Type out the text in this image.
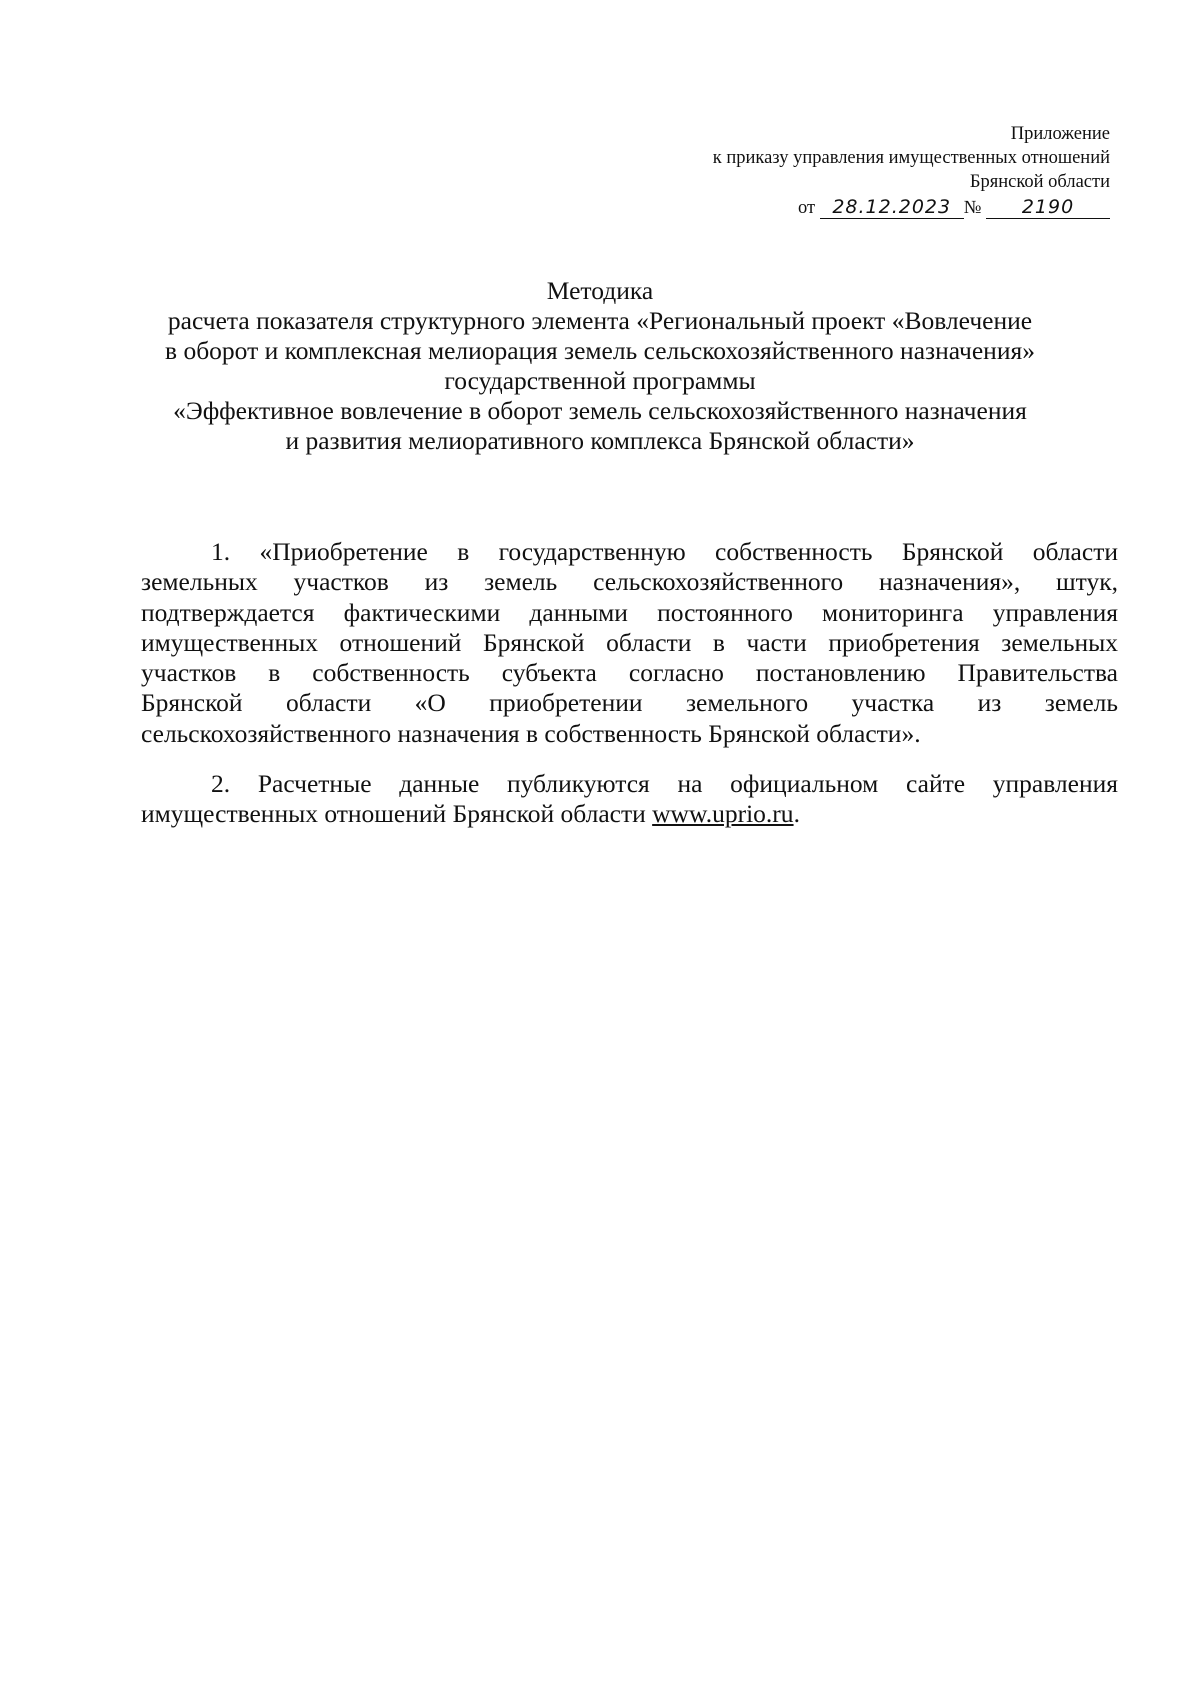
Приложение
к приказу управления имущественных отношений
Брянской области
от 28.12.2023 № 2190
Методика
расчета показателя структурного элемента «Региональный проект «Вовлечение
в оборот и комплексная мелиорация земель сельскохозяйственного назначения»
государственной программы
«Эффективное вовлечение в оборот земель сельскохозяйственного назначения
и развития мелиоративного комплекса Брянской области»
1. «Приобретение в государственную собственность Брянской области
земельных участков из земель сельскохозяйственного назначения», штук,
подтверждается фактическими данными постоянного мониторинга управления
имущественных отношений Брянской области в части приобретения земельных
участков в собственность субъекта согласно постановлению Правительства
Брянской области «О приобретении земельного участка из земель
сельскохозяйственного назначения в собственность Брянской области».
2. Расчетные данные публикуются на официальном сайте управления
имущественных отношений Брянской области www.uprio.ru.
